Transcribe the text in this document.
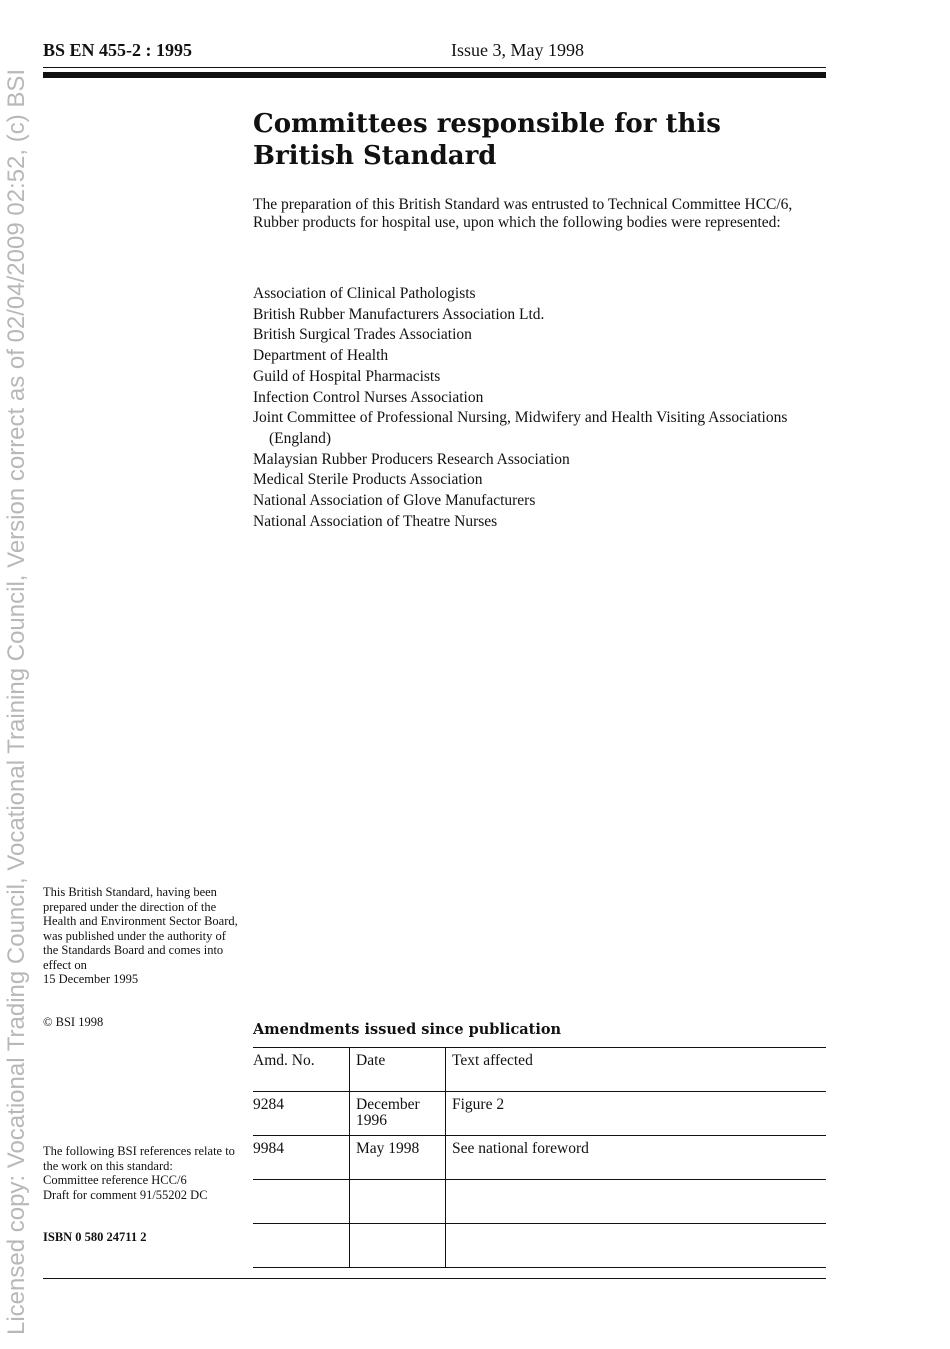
Licensed copy: Vocational Trading Council, Vocational Training Council, Version correct as of 02/04/2009 02:52, (c) BSI
BS EN 455-2 : 1995	Issue 3, May 1998
Committees responsible for this British Standard

The preparation of this British Standard was entrusted to Technical Committee HCC/6, Rubber products for hospital use, upon which the following bodies were represented:

Association of Clinical Pathologists
British Rubber Manufacturers Association Ltd.
British Surgical Trades Association
Department of Health
Guild of Hospital Pharmacists
Infection Control Nurses Association
Joint Committee of Professional Nursing, Midwifery and Health Visiting Associations (England)
Malaysian Rubber Producers Research Association
Medical Sterile Products Association
National Association of Glove Manufacturers
National Association of Theatre Nurses
This British Standard, having been prepared under the direction of the Health and Environment Sector Board, was published under the authority of the Standards Board and comes into effect on
15 December 1995
© BSI 1998
The following BSI references relate to the work on this standard:
Committee reference HCC/6
Draft for comment 91/55202 DC
ISBN 0 580 24711 2
Amendments issued since publication
Amd. No.	Date	Text affected
9284	December 1996	Figure 2
9984	May 1998	See national foreword
